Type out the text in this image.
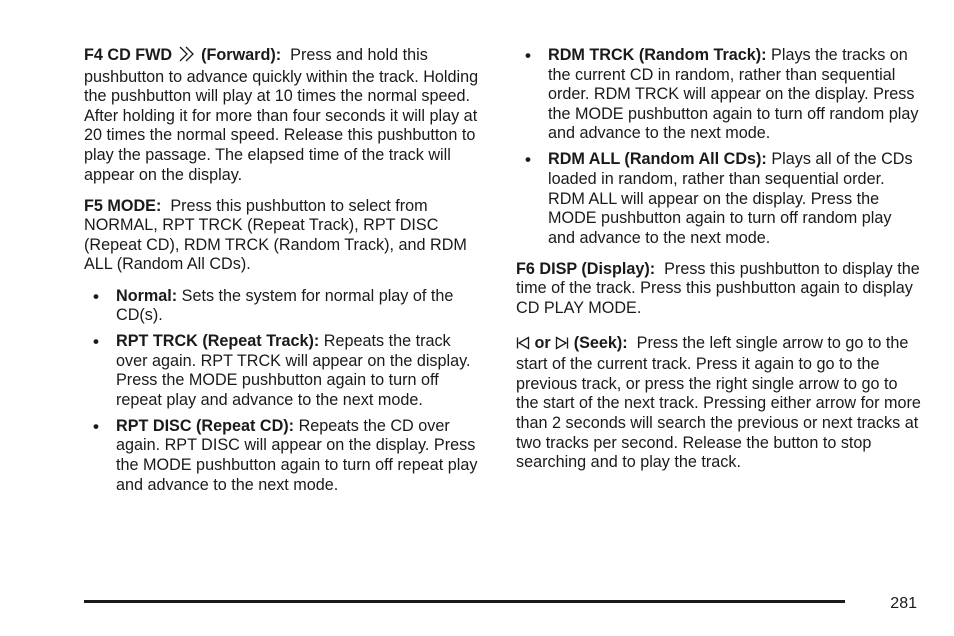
F4 CD FWD (Forward): Press and hold this pushbutton to advance quickly within the track. Holding the pushbutton will play at 10 times the normal speed. After holding it for more than four seconds it will play at 20 times the normal speed. Release this pushbutton to play the passage. The elapsed time of the track will appear on the display.

F5 MODE: Press this pushbutton to select from NORMAL, RPT TRCK (Repeat Track), RPT DISC (Repeat CD), RDM TRCK (Random Track), and RDM ALL (Random All CDs).

• Normal: Sets the system for normal play of the CD(s).
• RPT TRCK (Repeat Track): Repeats the track over again. RPT TRCK will appear on the display. Press the MODE pushbutton again to turn off repeat play and advance to the next mode.
• RPT DISC (Repeat CD): Repeats the CD over again. RPT DISC will appear on the display. Press the MODE pushbutton again to turn off repeat play and advance to the next mode.
• RDM TRCK (Random Track): Plays the tracks on the current CD in random, rather than sequential order. RDM TRCK will appear on the display. Press the MODE pushbutton again to turn off random play and advance to the next mode.
• RDM ALL (Random All CDs): Plays all of the CDs loaded in random, rather than sequential order. RDM ALL will appear on the display. Press the MODE pushbutton again to turn off random play and advance to the next mode.

F6 DISP (Display): Press this pushbutton to display the time of the track. Press this pushbutton again to display CD PLAY MODE.

or (Seek): Press the left single arrow to go to the start of the current track. Press it again to go to the previous track, or press the right single arrow to go to the start of the next track. Pressing either arrow for more than 2 seconds will search the previous or next tracks at two tracks per second. Release the button to stop searching and to play the track.

281
